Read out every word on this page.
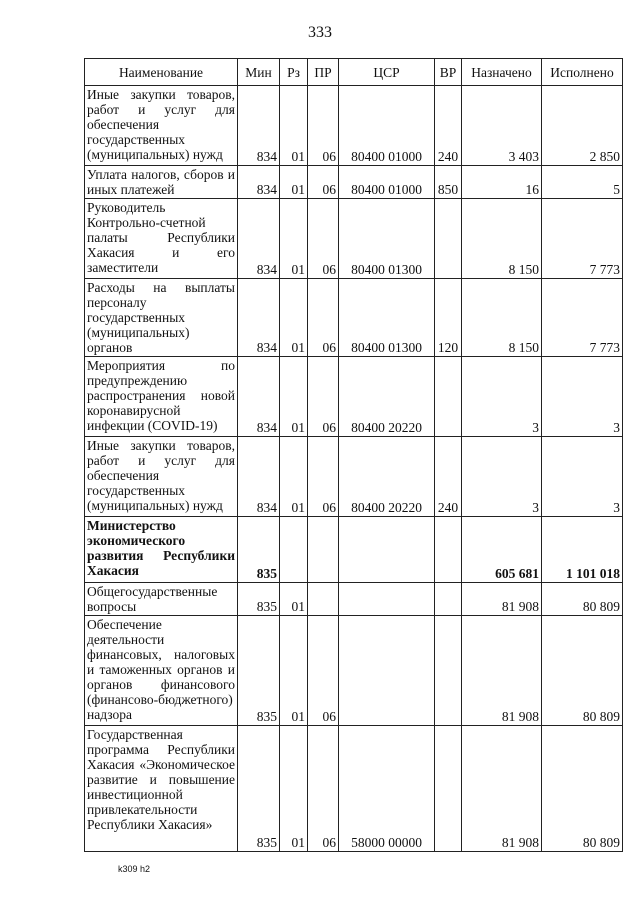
333
Наименование	Мин	Рз	ПР	ЦСР	ВР	Назначено	Исполнено
Иные закупки товаров, работ и услуг для обеспечения государственных (муниципальных) нужд	834	01	06	80400 01000	240	3 403	2 850
Уплата налогов, сборов и иных платежей	834	01	06	80400 01000	850	16	5
Руководитель Контрольно-счетной палаты Республики Хакасия и его заместители	834	01	06	80400 01300		8 150	7 773
Расходы на выплаты персоналу государственных (муниципальных) органов	834	01	06	80400 01300	120	8 150	7 773
Мероприятия по предупреждению распространения новой коронавирусной инфекции (COVID-19)	834	01	06	80400 20220		3	3
Иные закупки товаров, работ и услуг для обеспечения государственных (муниципальных) нужд	834	01	06	80400 20220	240	3	3
Министерство экономического развития Республики Хакасия	835					605 681	1 101 018
Общегосударственные вопросы	835	01				81 908	80 809
Обеспечение деятельности финансовых, налоговых и таможенных органов и органов финансового (финансово-бюджетного) надзора	835	01	06			81 908	80 809
Государственная программа Республики Хакасия «Экономическое развитие и повышение инвестиционной привлекательности Республики Хакасия»	835	01	06	58000 00000		81 908	80 809
k309 h2
